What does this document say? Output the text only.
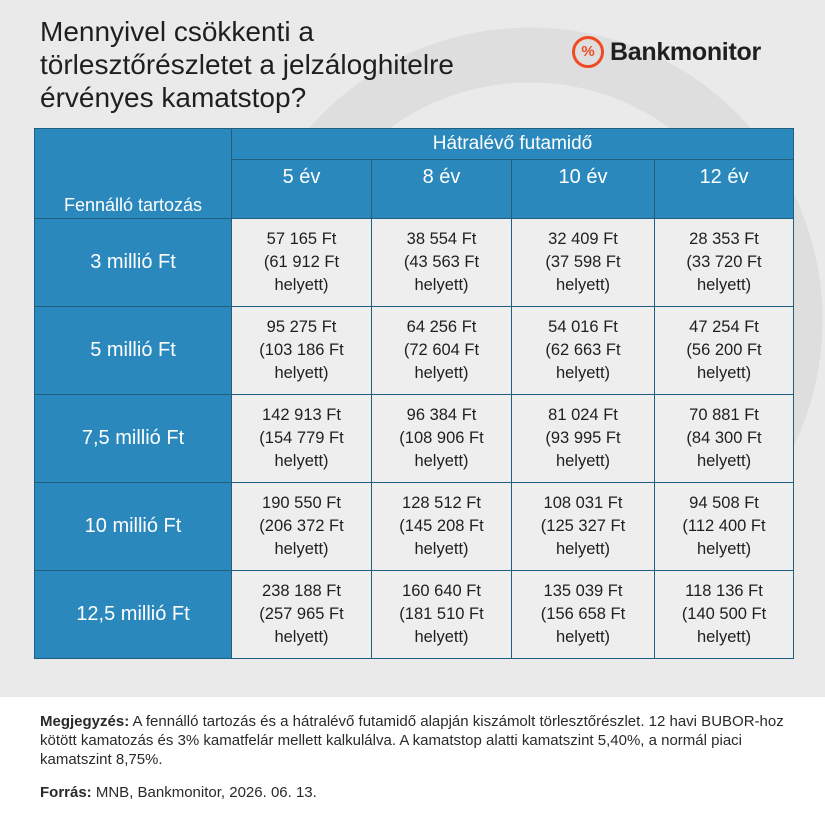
Mennyivel csökkenti a
törlesztőrészletet a jelzáloghitelre
érvényes kamatstop?
% Bankmonitor
Fennálló tartozás	Hátralévő futamidő			
	5 év	8 év	10 év	12 év
3 millió Ft	57 165 Ft
(61 912 Ft
helyett)	38 554 Ft
(43 563 Ft
helyett)	32 409 Ft
(37 598 Ft
helyett)	28 353 Ft
(33 720 Ft
helyett)

5 millió Ft	95 275 Ft
(103 186 Ft
helyett)	64 256 Ft
(72 604 Ft
helyett)	54 016 Ft
(62 663 Ft
helyett)	47 254 Ft
(56 200 Ft
helyett)

7,5 millió Ft	142 913 Ft
(154 779 Ft
helyett)	96 384 Ft
(108 906 Ft
helyett)	81 024 Ft
(93 995 Ft
helyett)	70 881 Ft
(84 300 Ft
helyett)

10 millió Ft	190 550 Ft
(206 372 Ft
helyett)	128 512 Ft
(145 208 Ft
helyett)	108 031 Ft
(125 327 Ft
helyett)	94 508 Ft
(112 400 Ft
helyett)

12,5 millió Ft	238 188 Ft
(257 965 Ft
helyett)	160 640 Ft
(181 510 Ft
helyett)	135 039 Ft
(156 658 Ft
helyett)	118 136 Ft
(140 500 Ft
helyett)

Megjegyzés: A fennálló tartozás és a hátralévő futamidő alapján kiszámolt törlesztőrészlet. 12 havi BUBOR-hoz kötött kamatozás és 3% kamatfelár mellett kalkulálva. A kamatstop alatti kamatszint 5,40%, a normál piaci kamatszint 8,75%.

Forrás: MNB, Bankmonitor, 2026. 06. 13.
